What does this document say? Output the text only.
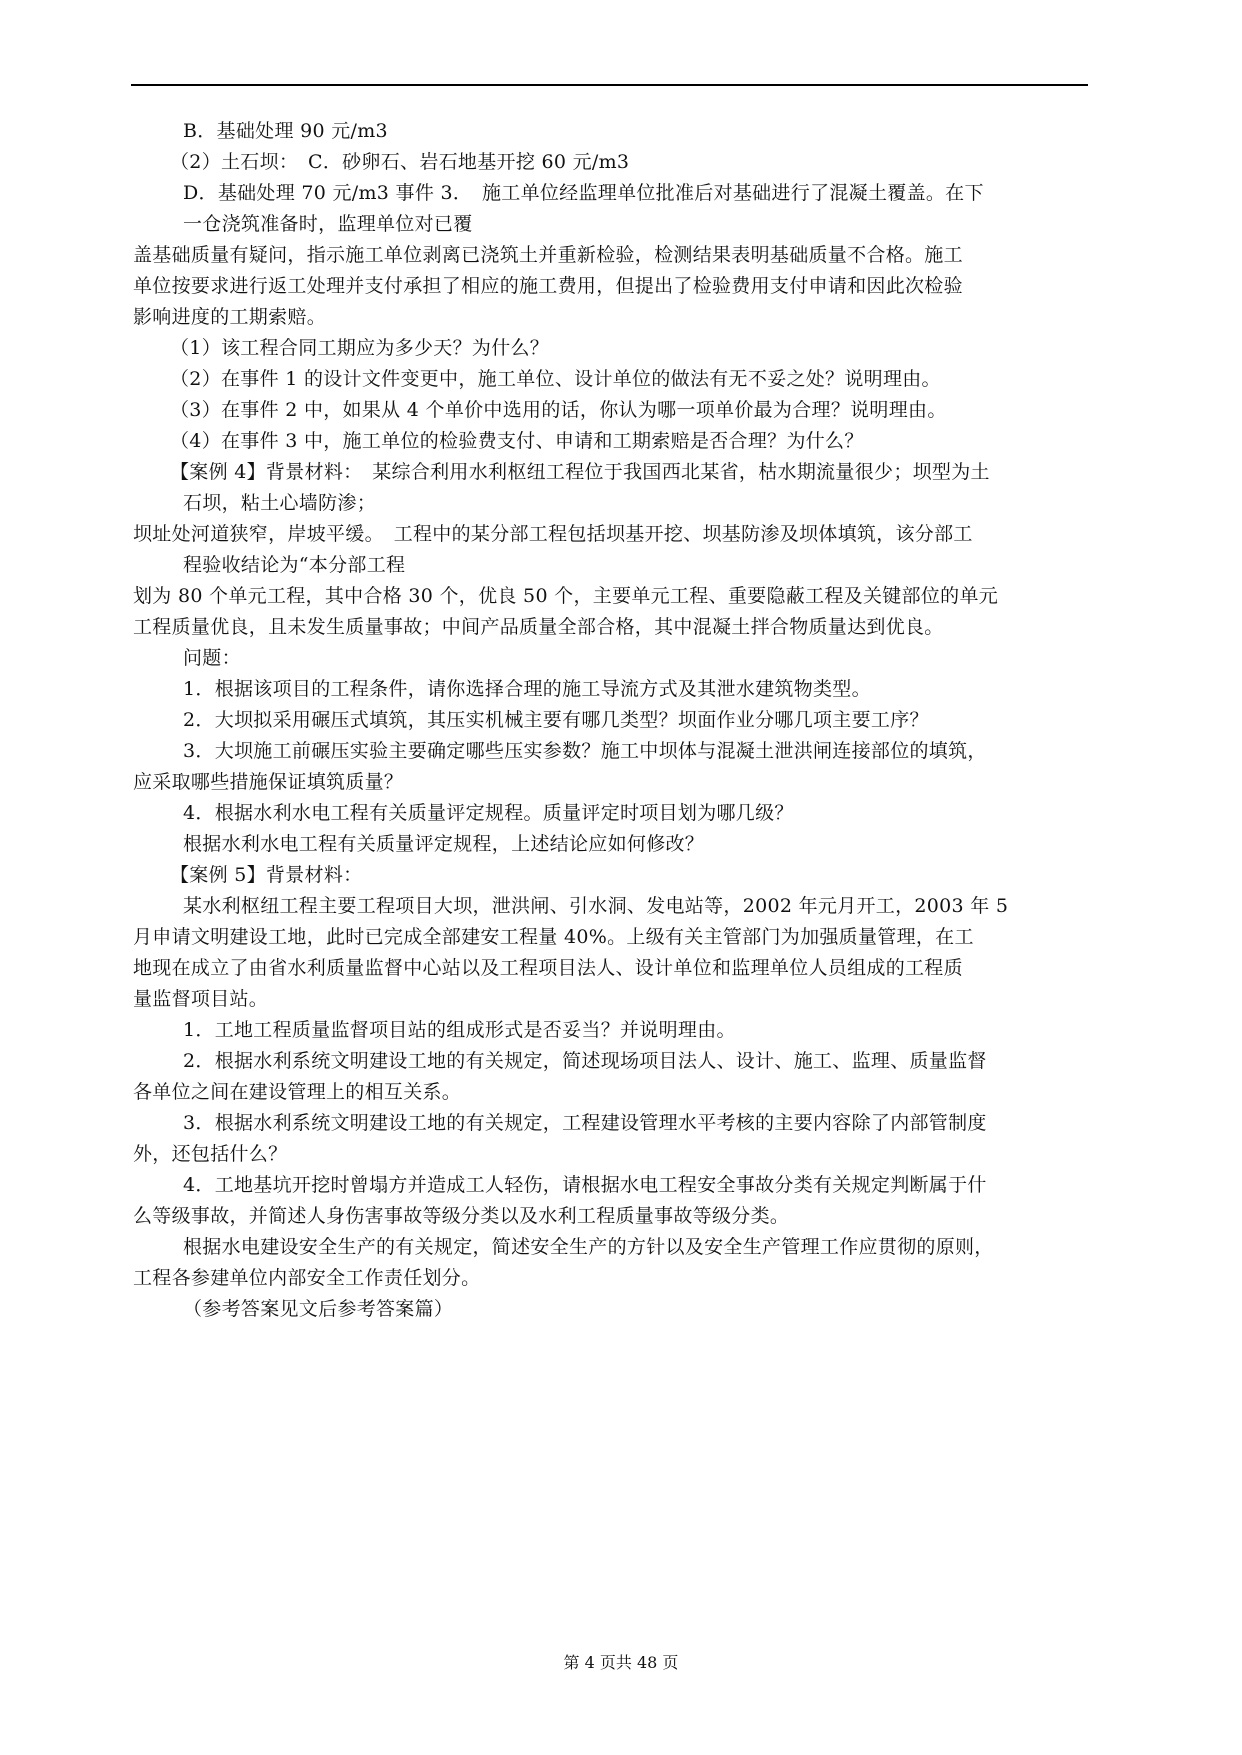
B．基础处理 90 元/m3
（2）土石坝：　C．砂卵石、岩石地基开挖 60 元/m3
D．基础处理 70 元/m3 事件 3．　施工单位经监理单位批准后对基础进行了混凝土覆盖。在下
一仓浇筑准备时，监理单位对已覆
盖基础质量有疑问，指示施工单位剥离已浇筑土并重新检验，检测结果表明基础质量不合格。施工
单位按要求进行返工处理并支付承担了相应的施工费用，但提出了检验费用支付申请和因此次检验
影响进度的工期索赔。
（1）该工程合同工期应为多少天？为什么？
（2）在事件 1 的设计文件变更中，施工单位、设计单位的做法有无不妥之处？说明理由。
（3）在事件 2 中，如果从 4 个单价中选用的话，你认为哪一项单价最为合理？说明理由。
（4）在事件 3 中，施工单位的检验费支付、申请和工期索赔是否合理？为什么？
【案例 4】背景材料：　某综合利用水利枢纽工程位于我国西北某省，枯水期流量很少；坝型为土
石坝，粘土心墙防渗；
坝址处河道狭窄，岸坡平缓。　工程中的某分部工程包括坝基开挖、坝基防渗及坝体填筑，该分部工
程验收结论为“本分部工程
划为 80 个单元工程，其中合格 30 个，优良 50 个，主要单元工程、重要隐蔽工程及关键部位的单元
工程质量优良，且未发生质量事故；中间产品质量全部合格，其中混凝土拌合物质量达到优良。
问题：
1．根据该项目的工程条件，请你选择合理的施工导流方式及其泄水建筑物类型。
2．大坝拟采用碾压式填筑，其压实机械主要有哪几类型？坝面作业分哪几项主要工序？
3．大坝施工前碾压实验主要确定哪些压实参数？施工中坝体与混凝土泄洪闸连接部位的填筑，
应采取哪些措施保证填筑质量？
4．根据水利水电工程有关质量评定规程。质量评定时项目划为哪几级？
根据水利水电工程有关质量评定规程，上述结论应如何修改？
【案例 5】背景材料：
某水利枢纽工程主要工程项目大坝，泄洪闸、引水洞、发电站等，2002 年元月开工，2003 年 5
月申请文明建设工地，此时已完成全部建安工程量 40%。上级有关主管部门为加强质量管理，在工
地现在成立了由省水利质量监督中心站以及工程项目法人、设计单位和监理单位人员组成的工程质
量监督项目站。
1．工地工程质量监督项目站的组成形式是否妥当？并说明理由。
2．根据水利系统文明建设工地的有关规定，简述现场项目法人、设计、施工、监理、质量监督
各单位之间在建设管理上的相互关系。
3．根据水利系统文明建设工地的有关规定，工程建设管理水平考核的主要内容除了内部管制度
外，还包括什么？
4．工地基坑开挖时曾塌方并造成工人轻伤，请根据水电工程安全事故分类有关规定判断属于什
么等级事故，并简述人身伤害事故等级分类以及水利工程质量事故等级分类。
根据水电建设安全生产的有关规定，简述安全生产的方针以及安全生产管理工作应贯彻的原则，
工程各参建单位内部安全工作责任划分。
（参考答案见文后参考答案篇）
第 4 页共 48 页
